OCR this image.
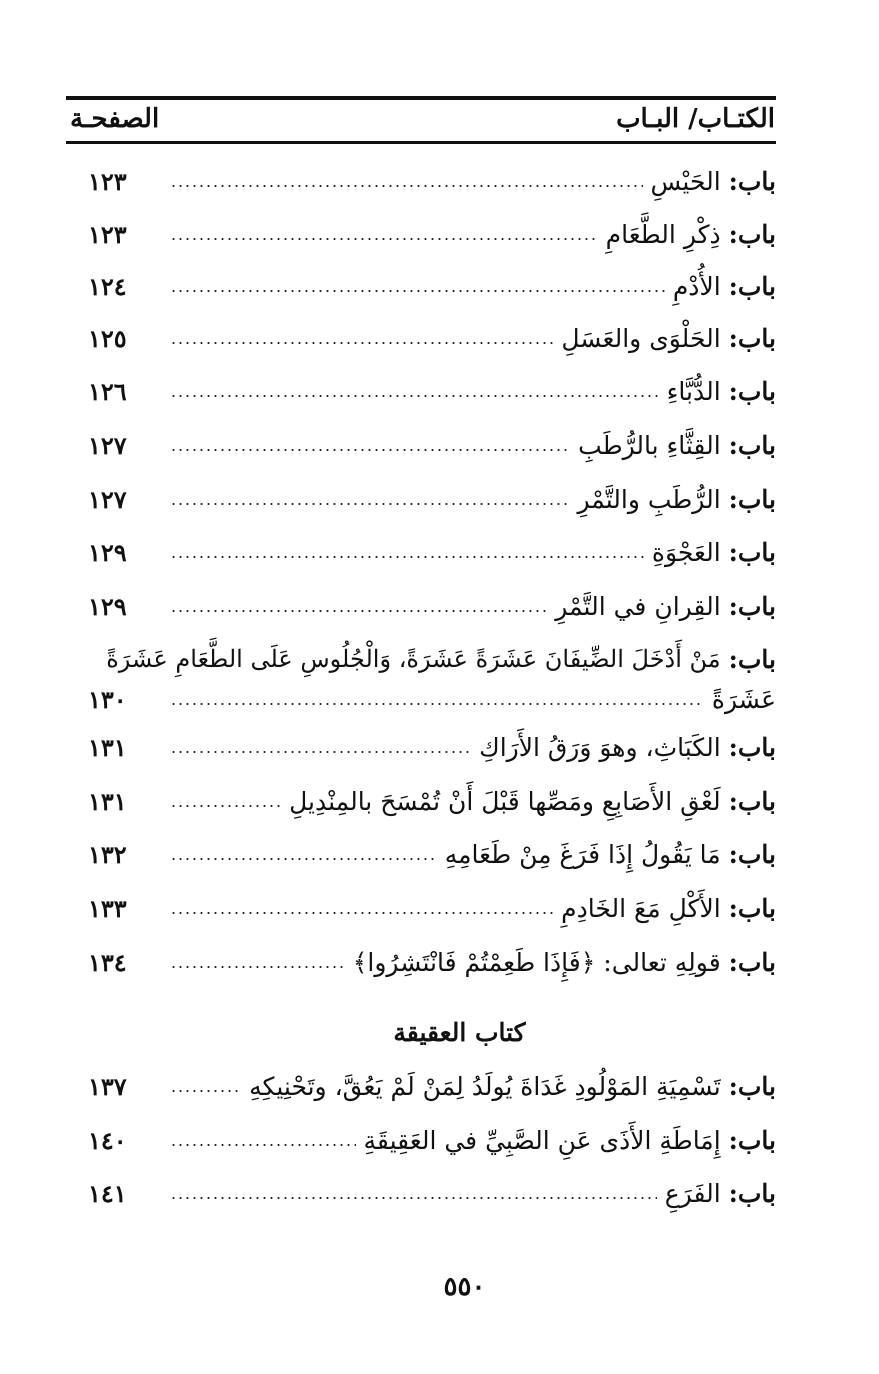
الكتـاب/ البـاب
الصفحـة
باب:
الحَيْسِ
١٢٣
باب:
ذِكْرِ الطَّعَامِ
١٢٣
باب:
الأُدْمِ
١٢٤
باب:
الحَلْوَى والعَسَلِ
١٢٥
باب:
الدُّبَّاءِ
١٢٦
باب:
القِثَّاءِ بالرُّطَبِ
١٢٧
باب:
الرُّطَبِ والتَّمْرِ
١٢٧
باب:
العَجْوَةِ
١٢٩
باب:
القِرانِ في التَّمْرِ
١٢٩
باب:
مَنْ أَدْخَلَ الضِّيفَانَ عَشَرَةً عَشَرَةً، وَالْجُلُوسِ عَلَى الطَّعَامِ عَشَرَةً
عَشَرَةً
١٣٠
باب:
الكَبَاثِ، وهوَ وَرَقُ الأَرَاكِ
١٣١
باب:
لَعْقِ الأَصَابِعِ ومَصِّها قَبْلَ أَنْ تُمْسَحَ بالمِنْدِيلِ
١٣١
باب:
مَا يَقُولُ إِذَا فَرَغَ مِنْ طَعَامِهِ
١٣٢
باب:
الأَكْلِ مَعَ الخَادِمِ
١٣٣
باب:
قولِهِ تعالى: ﴿فَإِذَا طَعِمْتُمْ فَانْتَشِرُوا﴾
١٣٤
كتاب العقيقة
باب:
تَسْمِيَةِ المَوْلُودِ غَدَاةَ يُولَدُ لِمَنْ لَمْ يَعُقَّ، وتَحْنِيكِهِ
١٣٧
باب:
إِمَاطَةِ الأَذَى عَنِ الصَّبِيِّ في العَقِيقَةِ
١٤٠
باب:
الفَرَعِ
١٤١
٥٥٠
